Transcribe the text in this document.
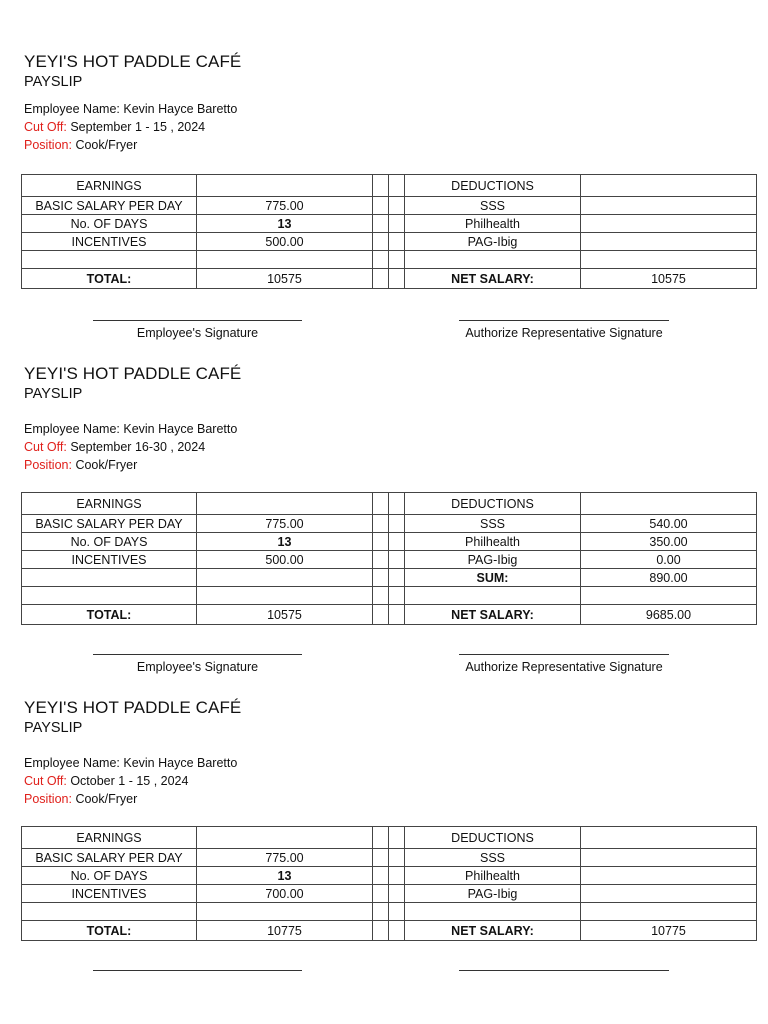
YEYI'S HOT PADDLE CAFÉ
PAYSLIP
Employee Name: Kevin Hayce Baretto
Cut Off: September 1 - 15 , 2024
Position: Cook/Fryer
EARNINGS				DEDUCTIONS	
BASIC SALARY PER DAY	775.00			SSS	
No. OF DAYS	13			Philhealth	
INCENTIVES	500.00			PAG-Ibig	

TOTAL:	10575			NET SALARY:	10575
Employee's Signature	Authorize Representative Signature
YEYI'S HOT PADDLE CAFÉ
PAYSLIP
Employee Name: Kevin Hayce Baretto
Cut Off: September 16-30 , 2024
Position: Cook/Fryer
EARNINGS				DEDUCTIONS	
BASIC SALARY PER DAY	775.00			SSS	540.00
No. OF DAYS	13			Philhealth	350.00
INCENTIVES	500.00			PAG-Ibig	0.00
				SUM:	890.00

TOTAL:	10575			NET SALARY:	9685.00
Employee's Signature	Authorize Representative Signature
YEYI'S HOT PADDLE CAFÉ
PAYSLIP
Employee Name: Kevin Hayce Baretto
Cut Off: October 1 - 15 , 2024
Position: Cook/Fryer
EARNINGS				DEDUCTIONS	
BASIC SALARY PER DAY	775.00			SSS	
No. OF DAYS	13			Philhealth	
INCENTIVES	700.00			PAG-Ibig	

TOTAL:	10775			NET SALARY:	10775
